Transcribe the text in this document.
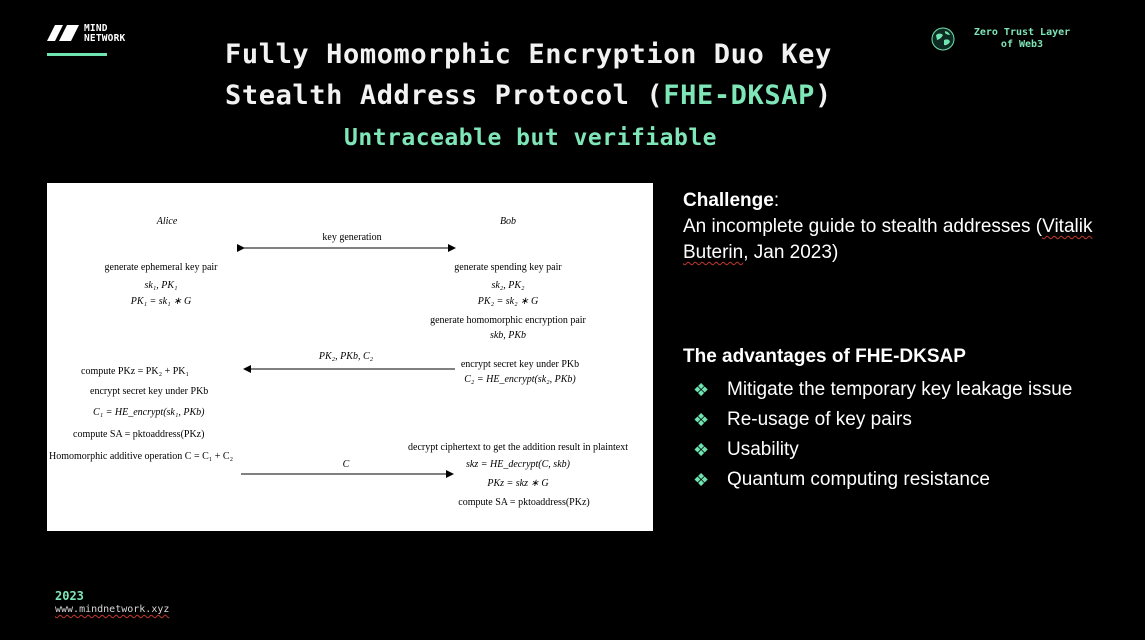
MIND
NETWORK
Fully Homomorphic Encryption Duo Key
Stealth Address Protocol (FHE-DKSAP)
Untraceable but verifiable
Zero Trust Layer
of Web3
Alice	Bob
key generation
generate ephemeral key pair
sk₁, PK₁
PK₁ = sk₁ ∗ G
generate spending key pair
sk₂, PK₂
PK₂ = sk₂ ∗ G
generate homomorphic encryption pair
skb, PKb
PK₂, PKb, C₂
encrypt secret key under PKb
C₂ = HE_encrypt(sk₂, PKb)
compute PKz = PK₂ + PK₁
encrypt secret key under PKb
C₁ = HE_encrypt(sk₁, PKb)
compute SA = pktoaddress(PKz)
Homomorphic additive operation C = C₁ + C₂
C
decrypt ciphertext to get the addition result in plaintext
skz = HE_decrypt(C, skb)
PKz = skz ∗ G
compute SA = pktoaddress(PKz)
Challenge:
An incomplete guide to stealth addresses (Vitalik Buterin, Jan 2023)
The advantages of FHE-DKSAP
❖ Mitigate the temporary key leakage issue
❖ Re-usage of key pairs
❖ Usability
❖ Quantum computing resistance
2023
www.mindnetwork.xyz
